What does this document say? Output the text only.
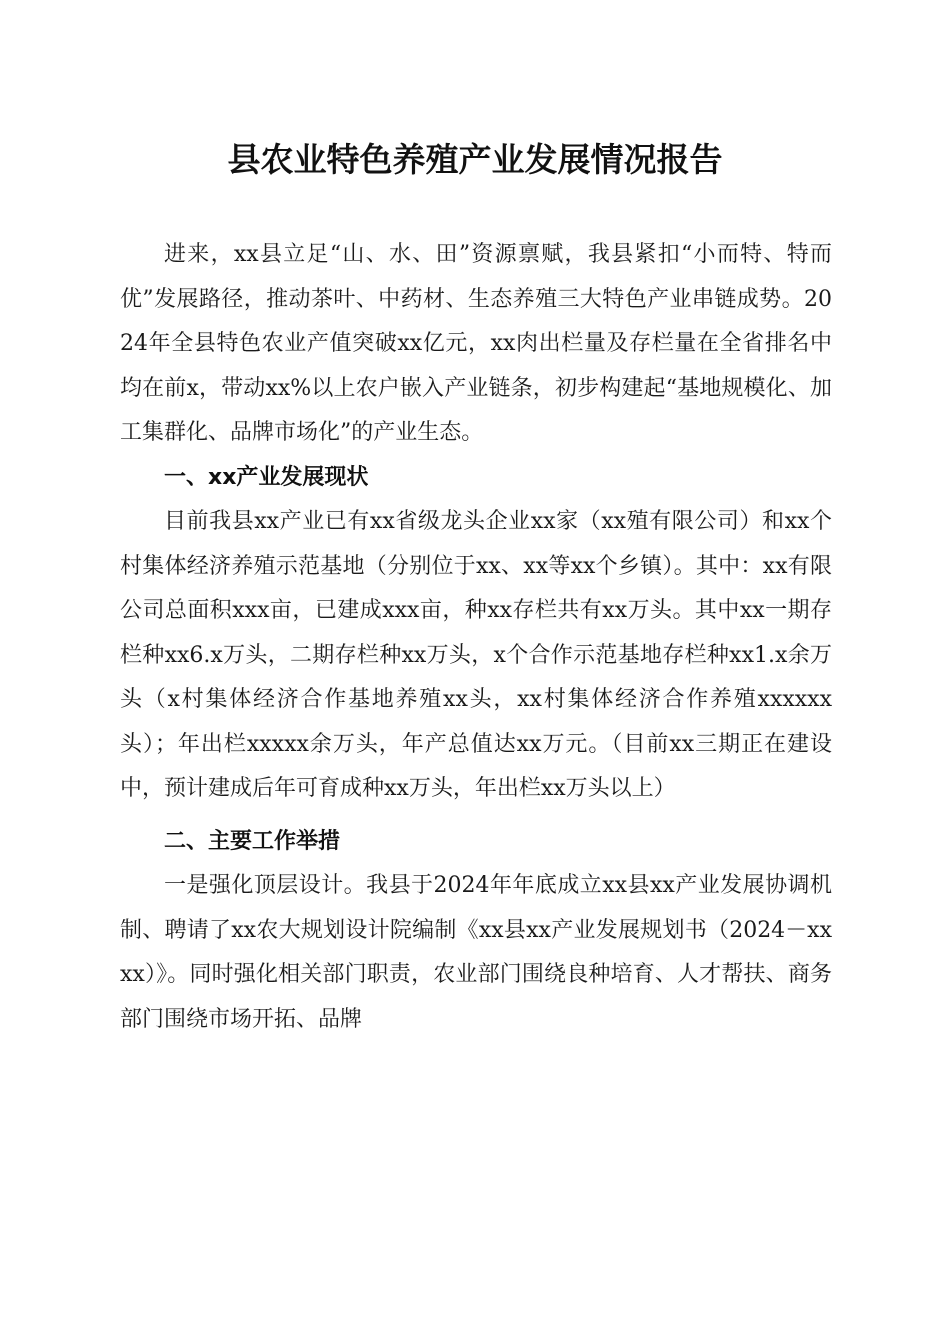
县农业特色养殖产业发展情况报告

进来，xx县立足“山、水、田”资源禀赋，我县紧扣“小而特、特而优”发展路径，推动茶叶、中药材、生态养殖三大特色产业串链成势。2024年全县特色农业产值突破xx亿元，xx肉出栏量及存栏量在全省排名中均在前x，带动xx%以上农户嵌入产业链条，初步构建起“基地规模化、加工集群化、品牌市场化”的产业生态。

一、xx产业发展现状

目前我县xx产业已有xx省级龙头企业xx家（xx殖有限公司）和xx个村集体经济养殖示范基地（分别位于xx、xx等xx个乡镇）。其中：xx有限公司总面积xxx亩，已建成xxx亩，种xx存栏共有xx万头。其中xx一期存栏种xx6.x万头，二期存栏种xx万头，x个合作示范基地存栏种xx1.x余万头（x村集体经济合作基地养殖xx头，xx村集体经济合作养殖xxxxxx头）；年出栏xxxxx余万头，年产总值达xx万元。（目前xx三期正在建设中，预计建成后年可育成种xx万头，年出栏xx万头以上）

二、主要工作举措

一是强化顶层设计。我县于2024年年底成立xx县xx产业发展协调机制、聘请了xx农大规划设计院编制《xx县xx产业发展规划书（2024－xxxx）》。同时强化相关部门职责，农业部门围绕良种培育、人才帮扶、商务部门围绕市场开拓、品牌
